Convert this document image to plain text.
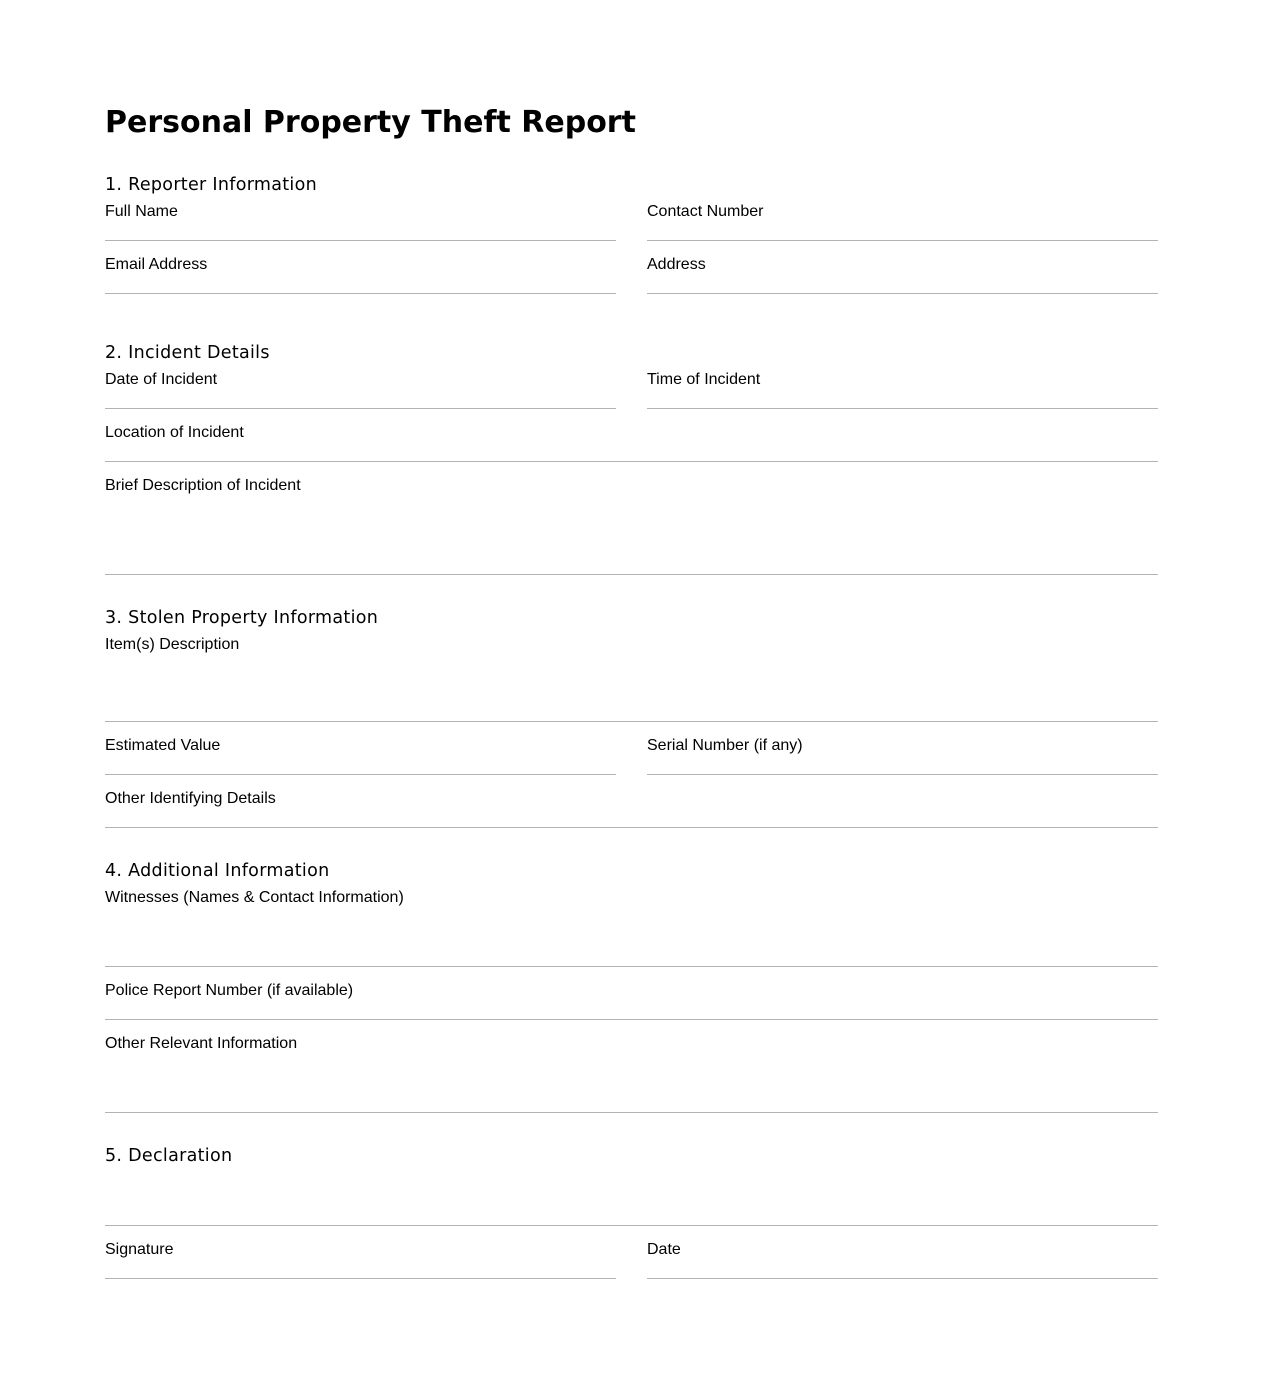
Personal Property Theft Report
1. Reporter Information
Full Name	Contact Number
Email Address	Address
2. Incident Details
Date of Incident	Time of Incident
Location of Incident
Brief Description of Incident
3. Stolen Property Information
Item(s) Description
Estimated Value	Serial Number (if any)
Other Identifying Details
4. Additional Information
Witnesses (Names & Contact Information)
Police Report Number (if available)
Other Relevant Information
5. Declaration
Signature	Date
